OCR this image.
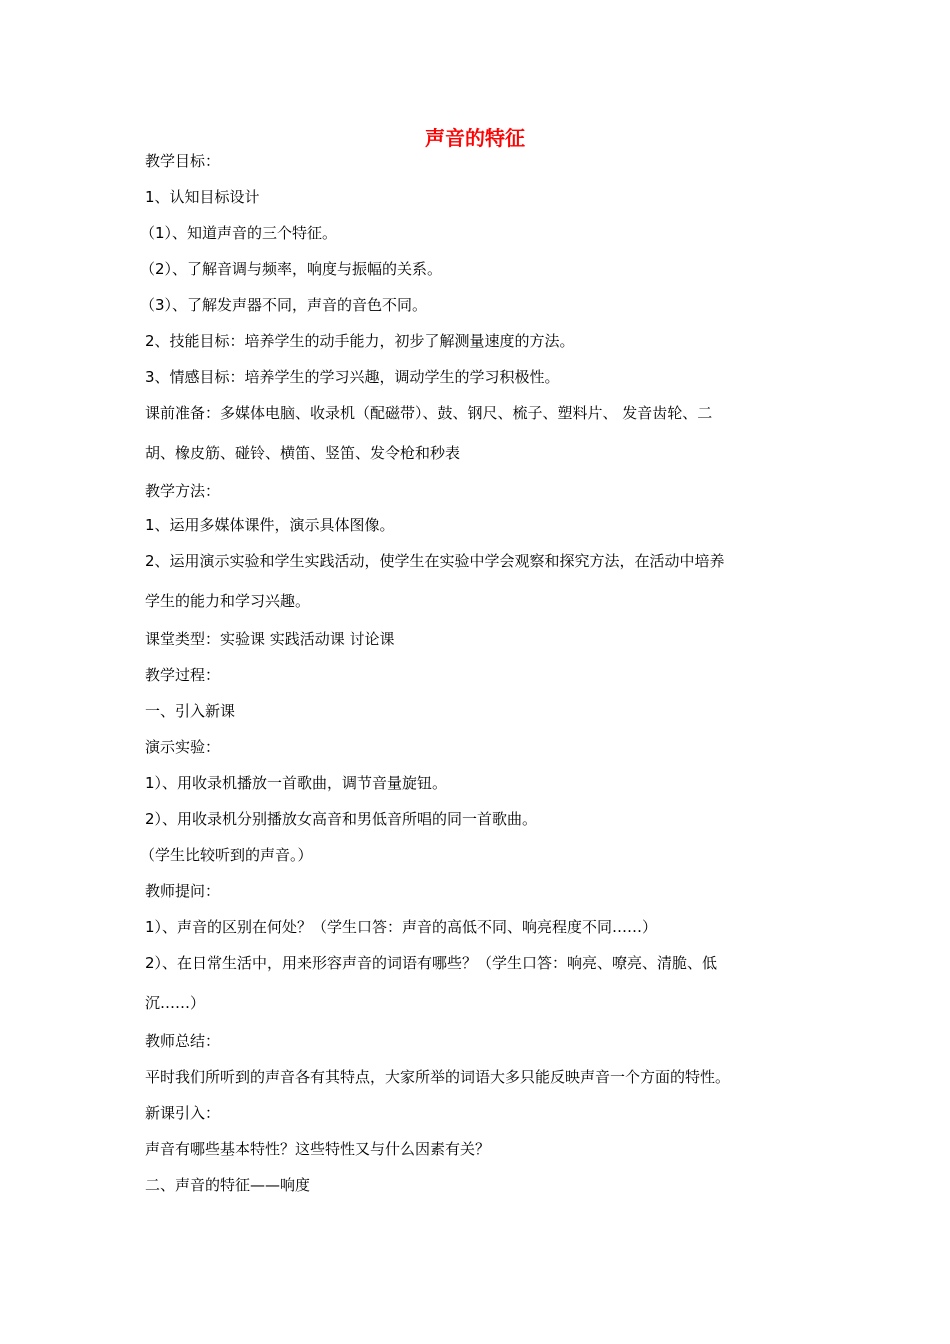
声音的特征
教学目标：
1、认知目标设计
（1）、知道声音的三个特征。
（2）、了解音调与频率，响度与振幅的关系。
（3）、了解发声器不同，声音的音色不同。
2、技能目标：培养学生的动手能力，初步了解测量速度的方法。
3、情感目标：培养学生的学习兴趣，调动学生的学习积极性。
课前准备：多媒体电脑、收录机（配磁带）、鼓、钢尺、梳子、塑料片、 发音齿轮、二
胡、橡皮筋、碰铃、横笛、竖笛、发令枪和秒表
教学方法：
1、运用多媒体课件，演示具体图像。
2、运用演示实验和学生实践活动，使学生在实验中学会观察和探究方法，在活动中培养
学生的能力和学习兴趣。
课堂类型：实验课 实践活动课 讨论课
教学过程：
一、引入新课
演示实验：
1）、用收录机播放一首歌曲，调节音量旋钮。
2）、用收录机分别播放女高音和男低音所唱的同一首歌曲。
（学生比较听到的声音。）
教师提问：
1）、声音的区别在何处？（学生口答：声音的高低不同、响亮程度不同……）
2）、在日常生活中，用来形容声音的词语有哪些？（学生口答：响亮、嘹亮、清脆、低
沉……）
教师总结：
平时我们所听到的声音各有其特点，大家所举的词语大多只能反映声音一个方面的特性。
新课引入：
声音有哪些基本特性？这些特性又与什么因素有关？
二、声音的特征——响度
